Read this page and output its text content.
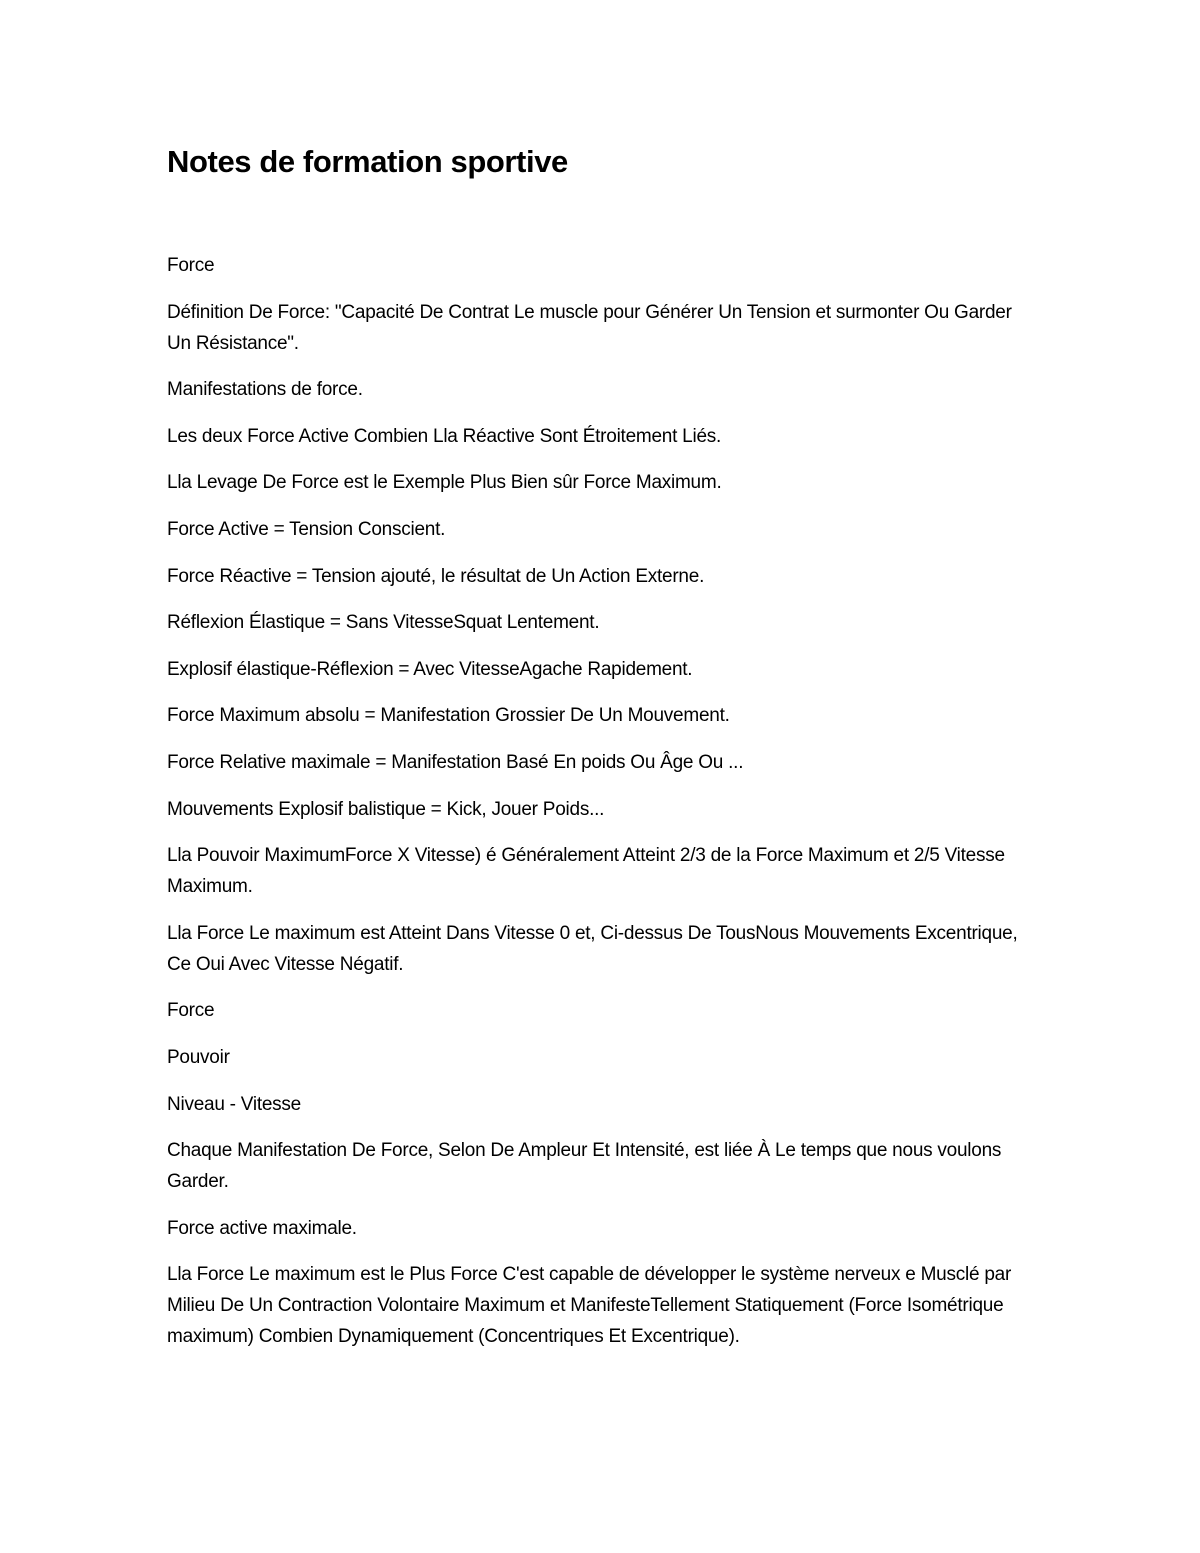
Notes de formation sportive

Force

Définition De Force: "Capacité De Contrat Le muscle pour Générer Un Tension et surmonter Ou Garder Un Résistance".

Manifestations de force.

Les deux Force Active Combien Lla Réactive Sont Étroitement Liés.

Lla Levage De Force est le Exemple Plus Bien sûr Force Maximum.

Force Active = Tension Conscient.

Force Réactive = Tension ajouté, le résultat de Un Action Externe.

Réflexion Élastique = Sans VitesseSquat Lentement.

Explosif élastique-Réflexion = Avec VitesseAgache Rapidement.

Force Maximum absolu = Manifestation Grossier De Un Mouvement.

Force Relative maximale = Manifestation Basé En poids Ou Âge Ou ...

Mouvements Explosif balistique = Kick, Jouer Poids...

Lla Pouvoir MaximumForce X Vitesse) é Généralement Atteint 2/3 de la Force Maximum et 2/5 Vitesse Maximum.

Lla Force Le maximum est Atteint Dans Vitesse 0 et, Ci-dessus De TousNous Mouvements Excentrique, Ce Oui Avec Vitesse Négatif.

Force

Pouvoir

Niveau - Vitesse

Chaque Manifestation De Force, Selon De Ampleur Et Intensité, est liée À Le temps que nous voulons Garder.

Force active maximale.

Lla Force Le maximum est le Plus Force C'est capable de développer le système nerveux e Musclé par Milieu De Un Contraction Volontaire Maximum et ManifesteTellement Statiquement (Force Isométrique maximum) Combien Dynamiquement (Concentriques Et Excentrique).
